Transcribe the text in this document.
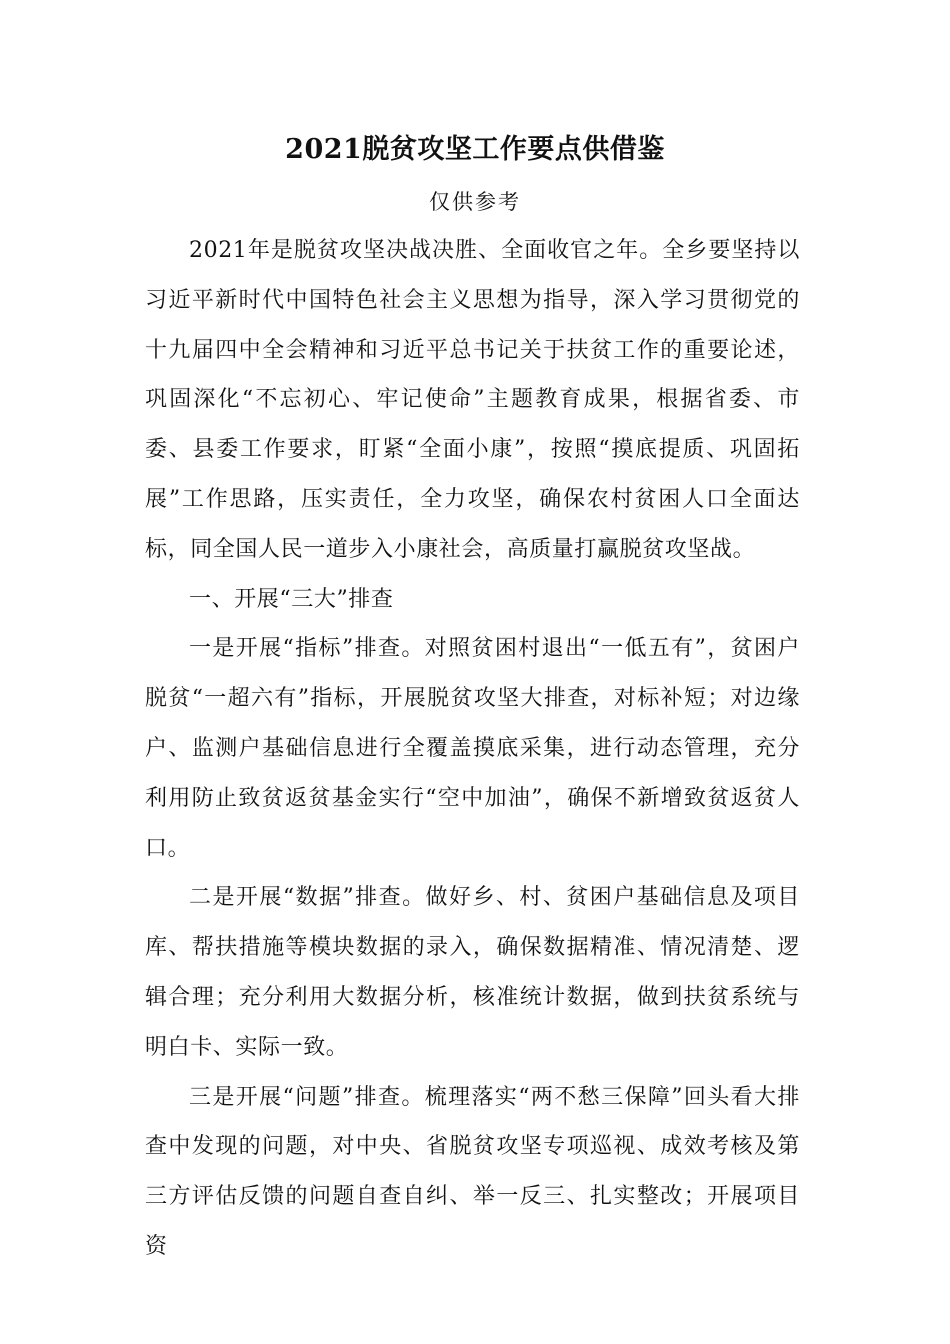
2021脱贫攻坚工作要点供借鉴
仅供参考

2021年是脱贫攻坚决战决胜、全面收官之年。全乡要坚持以习近平新时代中国特色社会主义思想为指导，深入学习贯彻党的十九届四中全会精神和习近平总书记关于扶贫工作的重要论述，巩固深化“不忘初心、牢记使命”主题教育成果，根据省委、市委、县委工作要求，盯紧“全面小康”，按照“摸底提质、巩固拓展”工作思路，压实责任，全力攻坚，确保农村贫困人口全面达标，同全国人民一道步入小康社会，高质量打赢脱贫攻坚战。

一、开展“三大”排查

一是开展“指标”排查。对照贫困村退出“一低五有”，贫困户脱贫“一超六有”指标，开展脱贫攻坚大排查，对标补短；对边缘户、监测户基础信息进行全覆盖摸底采集，进行动态管理，充分利用防止致贫返贫基金实行“空中加油”，确保不新增致贫返贫人口。

二是开展“数据”排查。做好乡、村、贫困户基础信息及项目库、帮扶措施等模块数据的录入，确保数据精准、情况清楚、逻辑合理；充分利用大数据分析，核准统计数据，做到扶贫系统与明白卡、实际一致。

三是开展“问题”排查。梳理落实“两不愁三保障”回头看大排查中发现的问题，对中央、省脱贫攻坚专项巡视、成效考核及第三方评估反馈的问题自查自纠、举一反三、扎实整改；开展项目资
